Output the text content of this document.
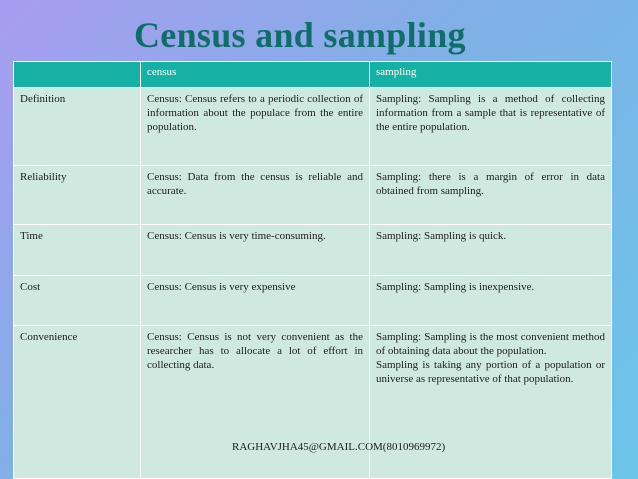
Census and sampling
	census	sampling
Definition	Census: Census refers to a periodic collection of information about the populace from the entire population.	Sampling: Sampling is a method of collecting information from a sample that is representative of the entire population.
Reliability	Census: Data from the census is reliable and accurate.	Sampling: there is a margin of error in data obtained from sampling.
Time	Census: Census is very time-consuming.	Sampling: Sampling is quick.
Cost	Census: Census is very expensive	Sampling: Sampling is inexpensive.
Convenience	Census: Census is not very convenient as the researcher has to allocate a lot of effort in collecting data.	Sampling: Sampling is the most convenient method of obtaining data about the population.
Sampling is taking any portion of a population or universe as representative of that population.
RAGHAVJHA45@GMAIL.COM(8010969972)
